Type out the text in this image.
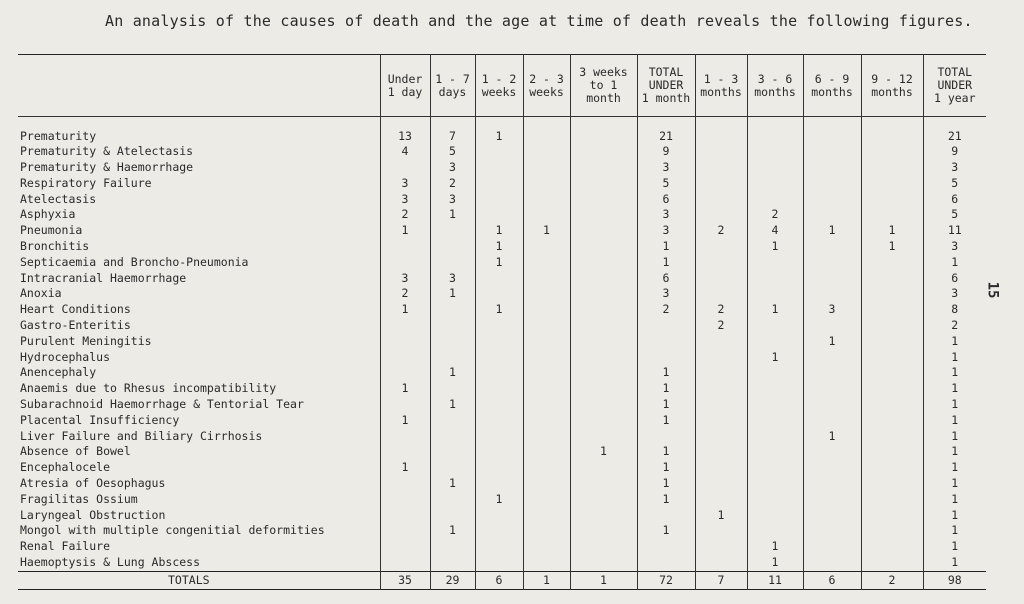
An analysis of the causes of death and the age at time of death reveals the following figures.
15
	Under
1 day	1 - 7
days	1 - 2
weeks	2 - 3
weeks	3 weeks
to 1
month	TOTAL
UNDER
1 month	1 - 3
months	3 - 6
months	6 - 9
months	9 - 12
months	TOTAL
UNDER
1 year

Prematurity	13	7	1			21					21
Prematurity & Atelectasis	4	5				9					9
Prematurity & Haemorrhage		3				3					3
Respiratory Failure	3	2				5					5
Atelectasis	3	3				6					6
Asphyxia	2	1				3		2			5
Pneumonia	1		1	1		3	2	4	1	1	11
Bronchitis			1			1		1		1	3
Septicaemia and Broncho-Pneumonia			1			1					1
Intracranial Haemorrhage	3	3				6					6
Anoxia	2	1				3					3
Heart Conditions	1		1			2	2	1	3		8
Gastro-Enteritis							2				2
Purulent Meningitis									1		1
Hydrocephalus								1			1
Anencephaly		1				1					1
Anaemis due to Rhesus incompatibility	1					1					1
Subarachnoid Haemorrhage & Tentorial Tear		1				1					1
Placental Insufficiency	1					1					1
Liver Failure and Biliary Cirrhosis									1		1
Absence of Bowel					1	1					1
Encephalocele	1					1					1
Atresia of Oesophagus		1				1					1
Fragilitas Ossium			1			1					1
Laryngeal Obstruction							1				1
Mongol with multiple congenitial deformities		1				1					1
Renal Failure								1			1
Haemoptysis & Lung Abscess								1			1
TOTALS	35	29	6	1	1	72	7	11	6	2	98
